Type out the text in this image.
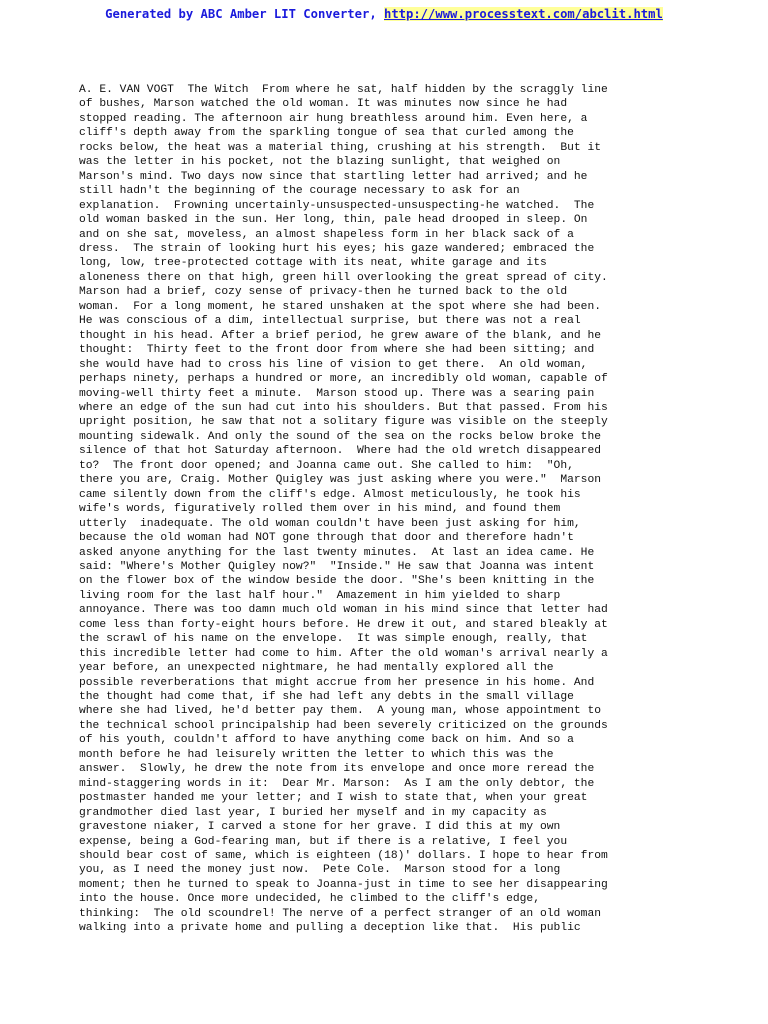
Generated by ABC Amber LIT Converter, http://www.processtext.com/abclit.html
A. E. VAN VOGT  The Witch  From where he sat, half hidden by the scraggly line
of bushes, Marson watched the old woman. It was minutes now since he had
stopped reading. The afternoon air hung breathless around him. Even here, a
cliff's depth away from the sparkling tongue of sea that curled among the
rocks below, the heat was a material thing, crushing at his strength.  But it
was the letter in his pocket, not the blazing sunlight, that weighed on
Marson's mind. Two days now since that startling letter had arrived; and he
still hadn't the beginning of the courage necessary to ask for an
explanation.  Frowning uncertainly-unsuspected-unsuspecting-he watched.  The
old woman basked in the sun. Her long, thin, pale head drooped in sleep. On
and on she sat, moveless, an almost shapeless form in her black sack of a
dress.  The strain of looking hurt his eyes; his gaze wandered; embraced the
long, low, tree-protected cottage with its neat, white garage and its
aloneness there on that high, green hill overlooking the great spread of city.
Marson had a brief, cozy sense of privacy-then he turned back to the old
woman.  For a long moment, he stared unshaken at the spot where she had been.
He was conscious of a dim, intellectual surprise, but there was not a real
thought in his head. After a brief period, he grew aware of the blank, and he
thought:  Thirty feet to the front door from where she had been sitting; and
she would have had to cross his line of vision to get there.  An old woman,
perhaps ninety, perhaps a hundred or more, an incredibly old woman, capable of
moving-well thirty feet a minute.  Marson stood up. There was a searing pain
where an edge of the sun had cut into his shoulders. But that passed. From his
upright position, he saw that not a solitary figure was visible on the steeply
mounting sidewalk. And only the sound of the sea on the rocks below broke the
silence of that hot Saturday afternoon.  Where had the old wretch disappeared
to?  The front door opened; and Joanna came out. She called to him:  "Oh,
there you are, Craig. Mother Quigley was just asking where you were."  Marson
came silently down from the cliff's edge. Almost meticulously, he took his
wife's words, figuratively rolled them over in his mind, and found them
utterly  inadequate. The old woman couldn't have been just asking for him,
because the old woman had NOT gone through that door and therefore hadn't
asked anyone anything for the last twenty minutes.  At last an idea came. He
said: "Where's Mother Quigley now?"  "Inside." He saw that Joanna was intent
on the flower box of the window beside the door. "She's been knitting in the
living room for the last half hour."  Amazement in him yielded to sharp
annoyance. There was too damn much old woman in his mind since that letter had
come less than forty-eight hours before. He drew it out, and stared bleakly at
the scrawl of his name on the envelope.  It was simple enough, really, that
this incredible letter had come to him. After the old woman's arrival nearly a
year before, an unexpected nightmare, he had mentally explored all the
possible reverberations that might accrue from her presence in his home. And
the thought had come that, if she had left any debts in the small village
where she had lived, he'd better pay them.  A young man, whose appointment to
the technical school principalship had been severely criticized on the grounds
of his youth, couldn't afford to have anything come back on him. And so a
month before he had leisurely written the letter to which this was the
answer.  Slowly, he drew the note from its envelope and once more reread the
mind-staggering words in it:  Dear Mr. Marson:  As I am the only debtor, the
postmaster handed me your letter; and I wish to state that, when your great
grandmother died last year, I buried her myself and in my capacity as
gravestone niaker, I carved a stone for her grave. I did this at my own
expense, being a God-fearing man, but if there is a relative, I feel you
should bear cost of same, which is eighteen (18)' dollars. I hope to hear from
you, as I need the money just now.  Pete Cole.  Marson stood for a long
moment; then he turned to speak to Joanna-just in time to see her disappearing
into the house. Once more undecided, he climbed to the cliff's edge,
thinking:  The old scoundrel! The nerve of a perfect stranger of an old woman
walking into a private home and pulling a deception like that.  His public
